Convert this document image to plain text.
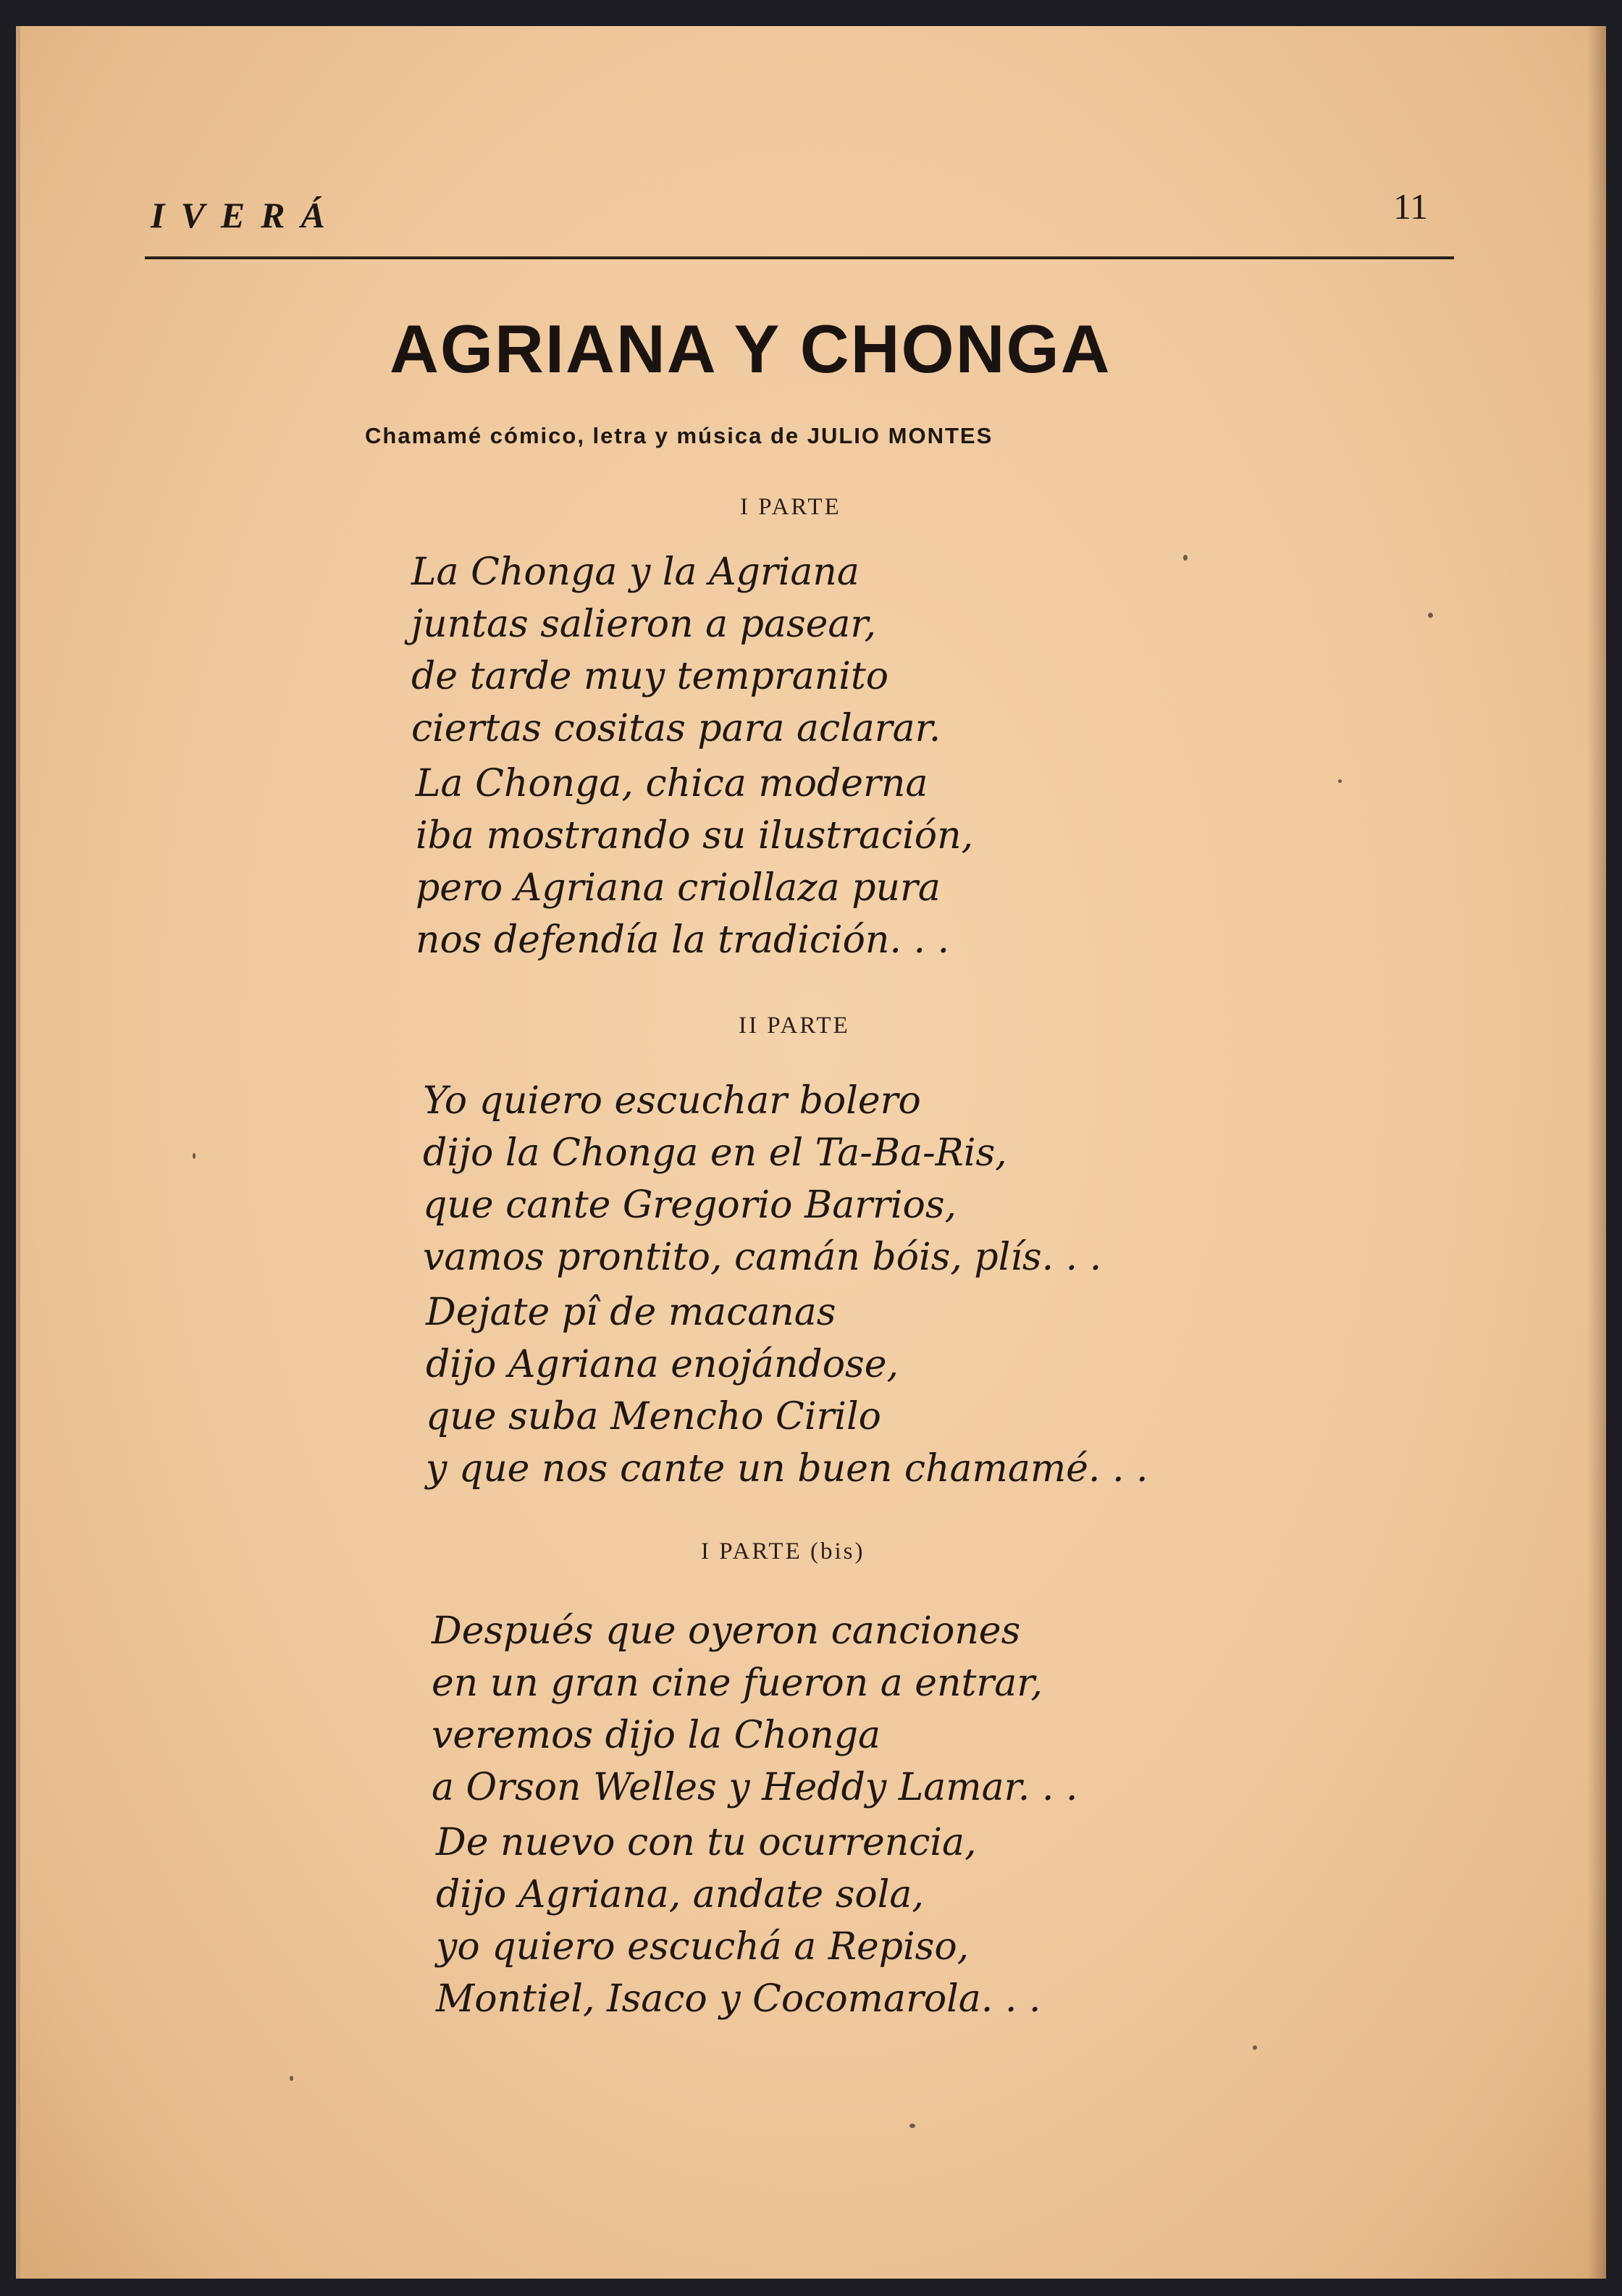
IVERÁ	11
AGRIANA Y CHONGA
Chamamé cómico, letra y música de JULIO MONTES
I PARTE
La Chonga y la Agriana
juntas salieron a pasear,
de tarde muy tempranito
ciertas cositas para aclarar.
La Chonga, chica moderna
iba mostrando su ilustración,
pero Agriana criollaza pura
nos defendía la tradición. . .
II PARTE
Yo quiero escuchar bolero
dijo la Chonga en el Ta-Ba-Ris,
que cante Gregorio Barrios,
vamos prontito, camán bóis, plís. . .
Dejate pî de macanas
dijo Agriana enojándose,
que suba Mencho Cirilo
y que nos cante un buen chamamé. . .
I PARTE (bis)
Después que oyeron canciones
en un gran cine fueron a entrar,
veremos dijo la Chonga
a Orson Welles y Heddy Lamar. . .
De nuevo con tu ocurrencia,
dijo Agriana, andate sola,
yo quiero escuchá a Repiso,
Montiel, Isaco y Cocomarola. . .
